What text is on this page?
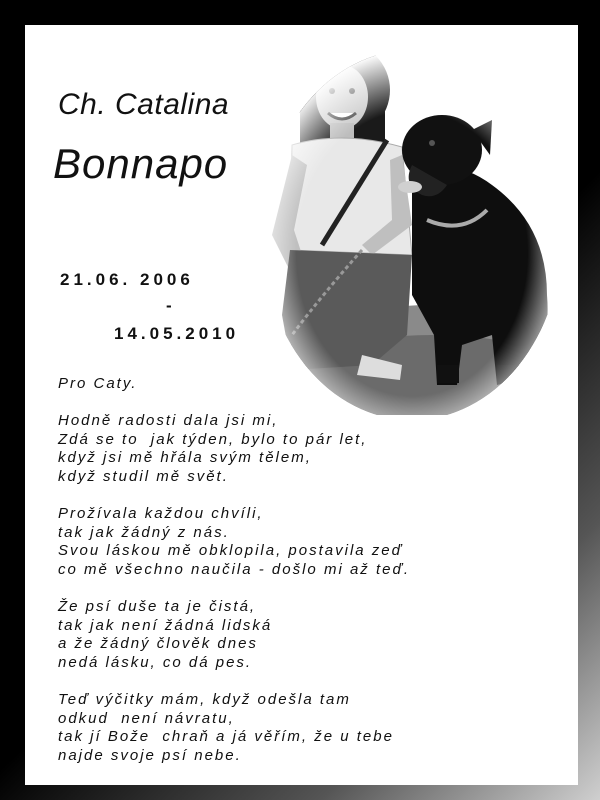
Ch. Catalina
Bonnapo
21.06. 2006
-
14.05.2010
Pro Caty.
Hodně radosti dala jsi mi,
Zdá se to  jak týden, bylo to pár let,
když jsi mě hřála svým tělem,
když studil mě svět.
Prožívala každou chvíli,
tak jak žádný z nás.
Svou láskou mě obklopila, postavila zeď
co mě všechno naučila - došlo mi až teď.
Že psí duše ta je čistá,
tak jak není žádná lidská
a že žádný člověk dnes
nedá lásku, co dá pes.
Teď výčitky mám, když odešla tam
odkud  není návratu,
tak jí Bože  chraň a já věřím, že u tebe
najde svoje psí nebe.
